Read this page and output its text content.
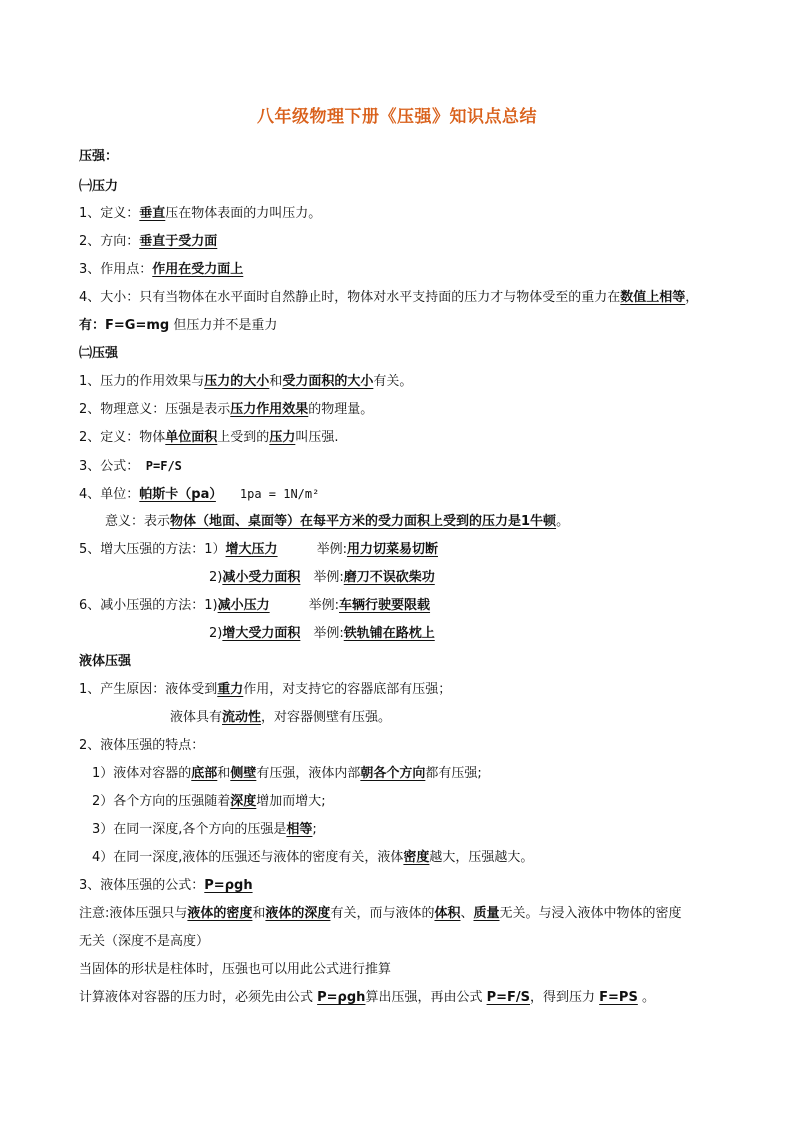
八年级物理下册《压强》知识点总结
压强：
㈠压力
1、定义：垂直压在物体表面的力叫压力。
2、方向：垂直于受力面
3、作用点：作用在受力面上
4、大小：只有当物体在水平面时自然静止时，物体对水平支持面的压力才与物体受至的重力在数值上相等，
有：F=G=mg 但压力并不是重力
㈡压强
1、压力的作用效果与压力的大小和受力面积的大小有关。
2、物理意义：压强是表示压力作用效果的物理量。
2、定义：物体单位面积上受到的压力叫压强.
3、公式：　P=F/S
4、单位：帕斯卡（pa）　　1pa = 1N/m²
　　意义：表示物体（地面、桌面等）在每平方米的受力面积上受到的压力是1牛顿。
5、增大压强的方法：1）增大压力　　　举例:用力切菜易切断
　　　　　　　　　　2)减小受力面积　举例:磨刀不误砍柴功
6、减小压强的方法：1)减小压力　　　举例:车辆行驶要限载
　　　　　　　　　　2)增大受力面积　举例:铁轨铺在路枕上
液体压强
1、产生原因：液体受到重力作用，对支持它的容器底部有压强；
　　　　　　　液体具有流动性，对容器侧壁有压强。
2、液体压强的特点：
　1）液体对容器的底部和侧壁有压强，液体内部朝各个方向都有压强;
　2）各个方向的压强随着深度增加而增大;
　3）在同一深度,各个方向的压强是相等;
　4）在同一深度,液体的压强还与液体的密度有关，液体密度越大，压强越大。
3、液体压强的公式：P=ρgh
注意:液体压强只与液体的密度和液体的深度有关，而与液体的体积、质量无关。与浸入液体中物体的密度
无关（深度不是高度）
当固体的形状是柱体时，压强也可以用此公式进行推算
计算液体对容器的压力时，必须先由公式 P=ρgh算出压强，再由公式 P=F/S，得到压力 F=PS 。
